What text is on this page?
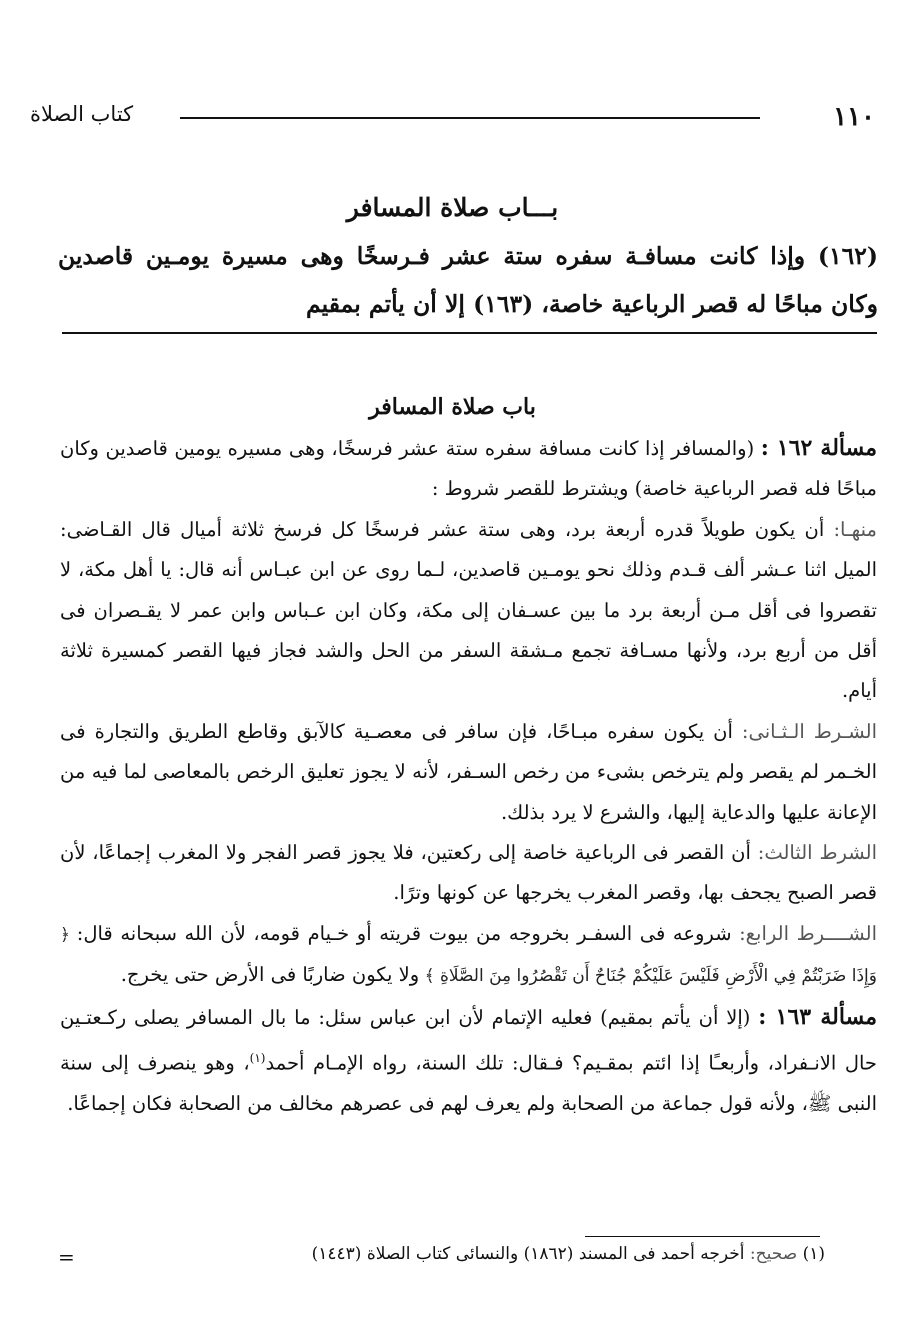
١١٠
كتاب الصلاة
بـــاب صلاة المسافر
(١٦٢) وإذا كانت مسافـة سفره ستة عشر فـرسخًا وهى مسيرة يومـين قاصدين وكان مباحًا له قصر الرباعية خاصة، (١٦٣) إلا أن يأتم بمقيم
باب صلاة المسافر

مسألة ١٦٢ : (والمسافر إذا كانت مسافة سفره ستة عشر فرسخًا، وهى مسيره يومين قاصدين وكان مباحًا فله قصر الرباعية خاصة) ويشترط للقصر شروط :

منهـا: أن يكون طويلاً قدره أربعة برد، وهى ستة عشر فرسخًا كل فرسخ ثلاثة أميال قال القـاضى: الميل اثنا عـشر ألف قـدم وذلك نحو يومـين قاصدين، لـما روى عن ابن عبـاس أنه قال: يا أهل مكة، لا تقصروا فى أقل مـن أربعة برد ما بين عسـفان إلى مكة، وكان ابن عـباس وابن عمر لا يقـصران فى أقل من أربع برد، ولأنها مسـافة تجمع مـشقة السفر من الحل والشد فجاز فيها القصر كمسيرة ثلاثة أيام.

الشـرط الـثـانى: أن يكون سفره مبـاحًا، فإن سافر فى معصـية كالآبق وقاطع الطريق والتجارة فى الخـمر لم يقصر ولم يترخص بشىء من رخص السـفر، لأنه لا يجوز تعليق الرخص بالمعاصى لما فيه من الإعانة عليها والدعاية إليها، والشرع لا يرد بذلك.

الشرط الثالث: أن القصر فى الرباعية خاصة إلى ركعتين، فلا يجوز قصر الفجر ولا المغرب إجماعًا، لأن قصر الصبح يجحف بها، وقصر المغرب يخرجها عن كونها وترًا.

الشــــرط الرابع: شروعه فى السفـر بخروجه من بيوت قريته أو خـيام قومه، لأن الله سبحانه قال: ﴿ وَإِذَا ضَرَبْتُمْ فِي الْأَرْضِ فَلَيْسَ عَلَيْكُمْ جُنَاحٌ أَن تَقْصُرُوا مِنَ الصَّلَاةِ ﴾ ولا يكون ضاربًا فى الأرض حتى يخرج.

مسألة ١٦٣ : (إلا أن يأتم بمقيم) فعليه الإتمام لأن ابن عباس سئل: ما بال المسافر يصلى ركـعتـين حال الانـفراد، وأربعـًا إذا ائتم بمقـيم؟ فـقال: تلك السنة، رواه الإمـام أحمد$^{(١)}$، وهو ينصرف إلى سنة النبى ﷺ، ولأنه قول جماعة من الصحابة ولم يعرف لهم فى عصرهم مخالف من الصحابة فكان إجماعًا.

(١) صحيح: أخرجه أحمد فى المسند (١٨٦٢) والنسائى كتاب الصلاة (١٤٤٣)
=
